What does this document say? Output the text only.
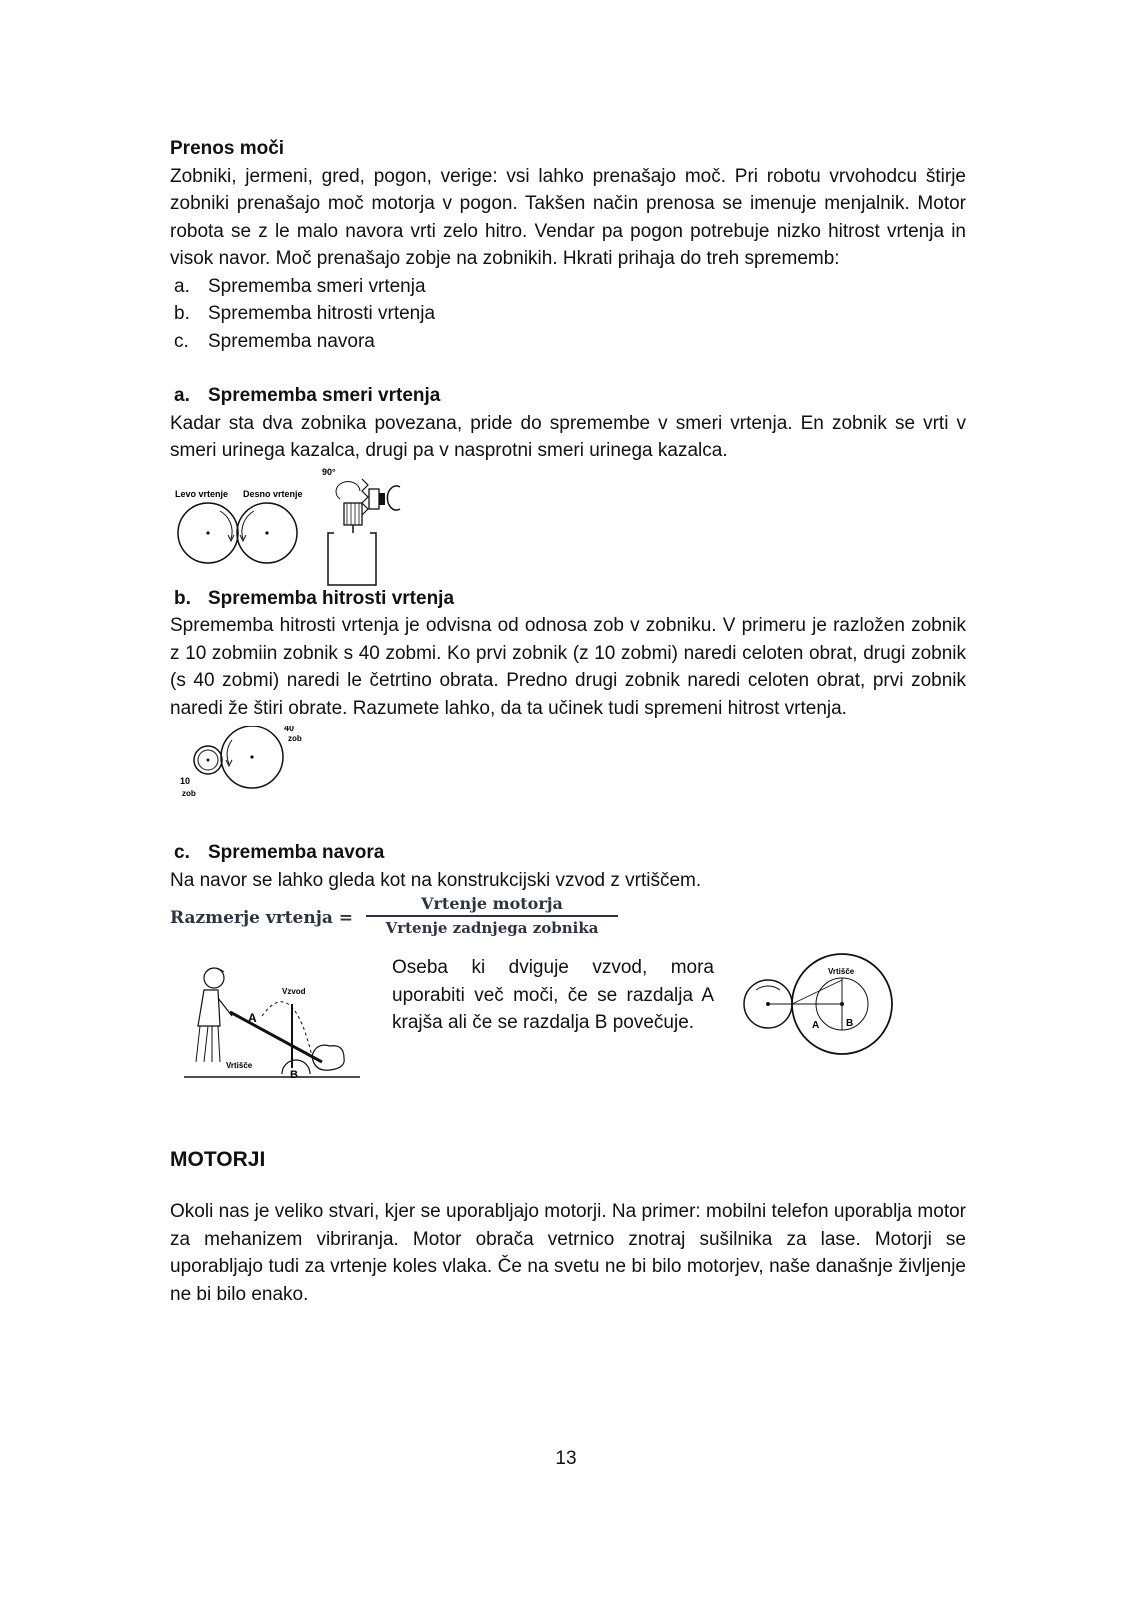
Prenos moči

Zobniki, jermeni, gred, pogon, verige: vsi lahko prenašajo moč. Pri robotu vrvohodcu štirje zobniki prenašajo moč motorja v pogon. Takšen način prenosa se imenuje menjalnik. Motor robota se z le malo navora vrti zelo hitro. Vendar pa pogon potrebuje nizko hitrost vrtenja in visok navor. Moč prenašajo zobje na zobnikih. Hkrati prihaja do treh sprememb:

a. Sprememba smeri vrtenja
b. Sprememba hitrosti vrtenja
c. Sprememba navora

a. Sprememba smeri vrtenja

Kadar sta dva zobnika povezana, pride do spremembe v smeri vrtenja. En zobnik se vrti v smeri urinega kazalca, drugi pa v nasprotni smeri urinega kazalca.

Levo vrtenje Desno vrtenje
90°

b. Sprememba hitrosti vrtenja

Sprememba hitrosti vrtenja je odvisna od odnosa zob v zobniku. V primeru je razložen zobnik z 10 zobmiin zobnik s 40 zobmi. Ko prvi zobnik (z 10 zobmi) naredi celoten obrat, drugi zobnik (s 40 zobmi) naredi le četrtino obrata. Predno drugi zobnik naredi celoten obrat, prvi zobnik naredi že štiri obrate. Razumete lahko, da ta učinek tudi spremeni hitrost vrtenja.

40
zob
10
zob

c. Sprememba navora

Na navor se lahko gleda kot na konstrukcijski vzvod z vrtiščem.

Razmerje vrtenja =
Vrtenje motorja
Vrtenje zadnjega zobnika
Vzvod
A
Vrtišče
B

Oseba ki dviguje vzvod, mora uporabiti več moči, če se razdalja A krajša ali če se razdalja B povečuje.

Vrtišče
A	B

MOTORJI

Okoli nas je veliko stvari, kjer se uporabljajo motorji. Na primer: mobilni telefon uporablja motor za mehanizem vibriranja. Motor obrača vetrnico znotraj sušilnika za lase. Motorji se uporabljajo tudi za vrtenje koles vlaka. Če na svetu ne bi bilo motorjev, naše današnje življenje ne bi bilo enako.

13
